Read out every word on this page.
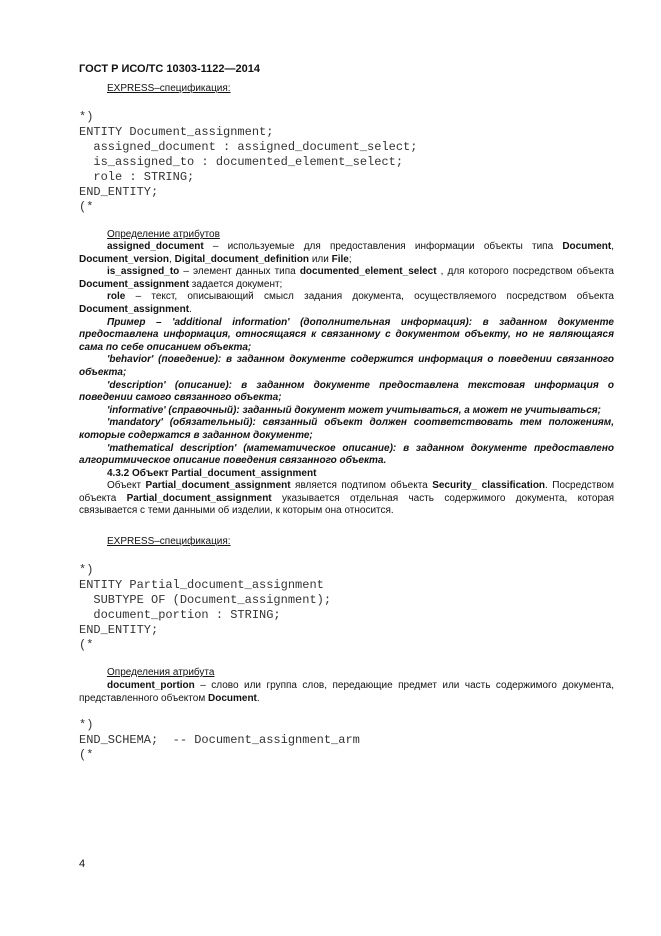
ГОСТ Р ИСО/ТС 10303-1122—2014
EXPRESS–спецификация:
*)
ENTITY Document_assignment;
assigned_document : assigned_document_select;
is_assigned_to : documented_element_select;
role : STRING;
END_ENTITY;
(*
Определение атрибутов

assigned_document – используемые для предоставления информации объекты типа Document, Document_version, Digital_document_definition или File;

is_assigned_to – элемент данных типа documented_element_select , для которого посредством объекта Document_assignment задается документ;

role – текст, описывающий смысл задания документа, осуществляемого посредством объекта Document_assignment.

Пример – 'additional information' (дополнительная информация): в заданном документе предоставлена информация, относящаяся к связанному с документом объекту, но не являющаяся сама по себе описанием объекта;

'behavior' (поведение): в заданном документе содержится информация о поведении связанного объекта;

'description' (описание): в заданном документе предоставлена текстовая информация о поведении самого связанного объекта;

'informative' (справочный): заданный документ может учитываться, а может не учитываться;

'mandatory' (обязательный): связанный объект должен соответствовать тем положениям, которые содержатся в заданном документе;

'mathematical description' (математическое описание): в заданном документе предоставлено алгоритмическое описание поведения связанного объекта.

4.3.2 Объект Partial_document_assignment

Объект Partial_document_assignment является подтипом объекта Security_ classification. Посредством объекта Partial_document_assignment указывается отдельная часть содержимого документа, которая связывается с теми данными об изделии, к которым она относится.

EXPRESS–спецификация:
*)
ENTITY Partial_document_assignment
SUBTYPE OF (Document_assignment);
document_portion : STRING;
END_ENTITY;
(*
Определения атрибута

document_portion – слово или группа слов, передающие предмет или часть содержимого документа, представленного объектом Document.

*)
END_SCHEMA;  -- Document_assignment_arm
(*
4
